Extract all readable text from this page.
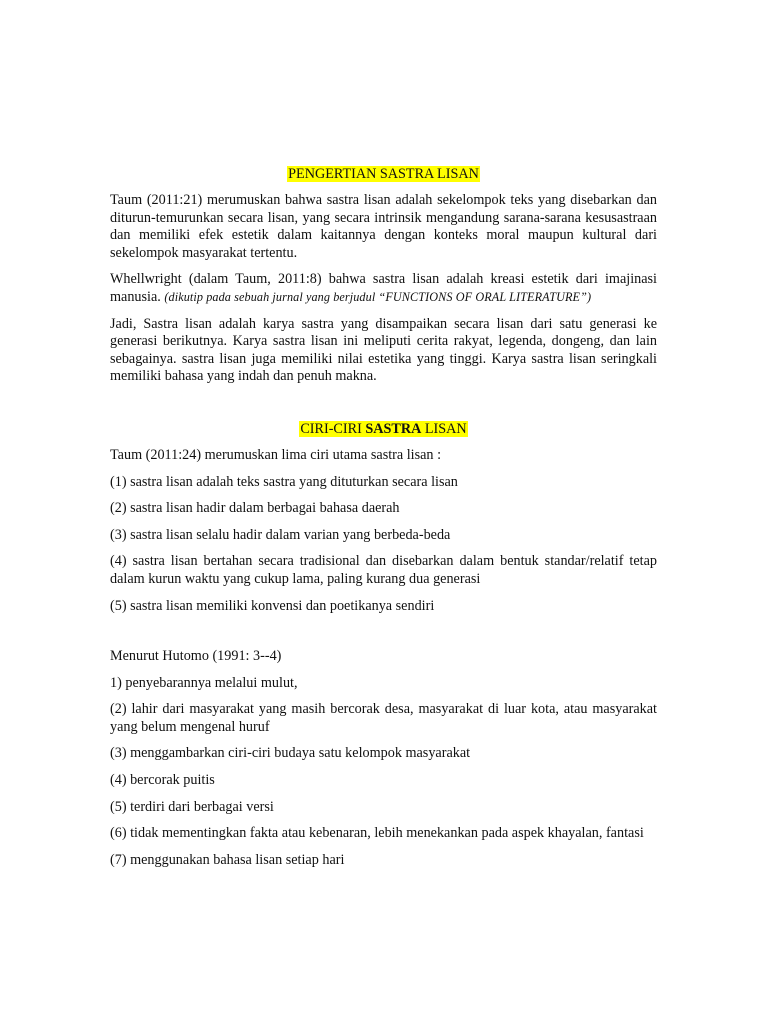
PENGERTIAN SASTRA LISAN

Taum (2011:21) merumuskan bahwa sastra lisan adalah sekelompok teks yang disebarkan dan diturun-temurunkan secara lisan, yang secara intrinsik mengandung sarana-sarana kesusastraan dan memiliki efek estetik dalam kaitannya dengan konteks moral maupun kultural dari sekelompok masyarakat tertentu.

Whellwright (dalam Taum, 2011:8) bahwa sastra lisan adalah kreasi estetik dari imajinasi manusia. (dikutip pada sebuah jurnal yang berjudul “FUNCTIONS OF ORAL LITERATURE”)

Jadi, Sastra lisan adalah karya sastra yang disampaikan secara lisan dari satu generasi ke generasi berikutnya. Karya sastra lisan ini meliputi cerita rakyat, legenda, dongeng, dan lain sebagainya. sastra lisan juga memiliki nilai estetika yang tinggi. Karya sastra lisan seringkali memiliki bahasa yang indah dan penuh makna.

CIRI-CIRI SASTRA LISAN

Taum (2011:24) merumuskan lima ciri utama sastra lisan :

(1) sastra lisan adalah teks sastra yang dituturkan secara lisan

(2) sastra lisan hadir dalam berbagai bahasa daerah

(3) sastra lisan selalu hadir dalam varian yang berbeda-beda

(4) sastra lisan bertahan secara tradisional dan disebarkan dalam bentuk standar/relatif tetap dalam kurun waktu yang cukup lama, paling kurang dua generasi

(5) sastra lisan memiliki konvensi dan poetikanya sendiri

Menurut Hutomo (1991: 3--4)

1) penyebarannya melalui mulut,

(2) lahir dari masyarakat yang masih bercorak desa, masyarakat di luar kota, atau masyarakat yang belum mengenal huruf

(3) menggambarkan ciri-ciri budaya satu kelompok masyarakat

(4) bercorak puitis

(5) terdiri dari berbagai versi

(6) tidak mementingkan fakta atau kebenaran, lebih menekankan pada aspek khayalan, fantasi

(7) menggunakan bahasa lisan setiap hari
